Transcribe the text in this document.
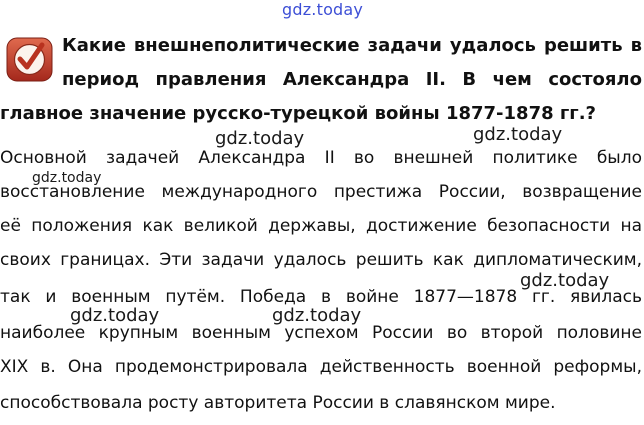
gdz.today
Какие внешнеполитические задачи удалось решить в
период правления Александра II. В чем состояло
главное значение русско-турецкой войны 1877-1878 гг.?
Основной задачей Александра II во внешней политике было
восстановление международного престижа России, возвращение
её положения как великой державы, достижение безопасности на
своих границах. Эти задачи удалось решить как дипломатическим,
так и военным путём. Победа в войне 1877—1878 гг. явилась
наиболее крупным военным успехом России во второй половине
XIX в. Она продемонстрировала действенность военной реформы,
способствовала росту авторитета России в славянском мире.
gdz.today	gdz.today
gdz.today
gdz.today
gdz.today	gdz.today
